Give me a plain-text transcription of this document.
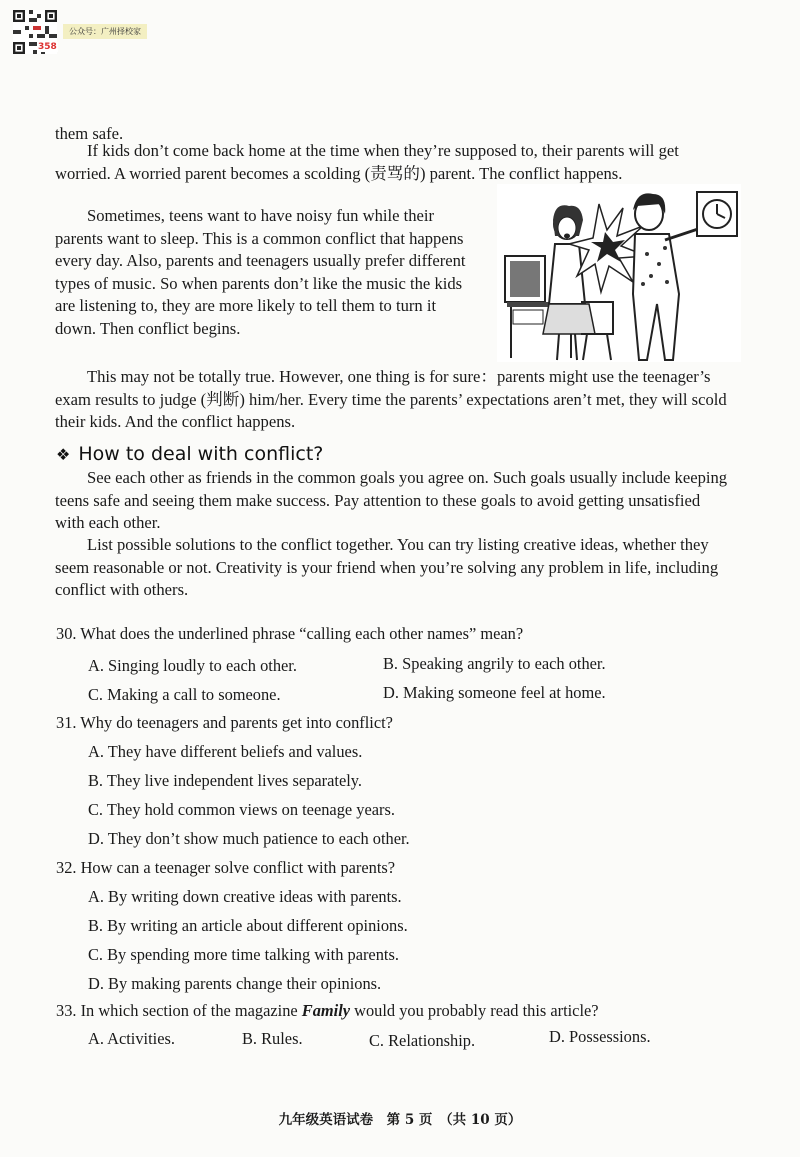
358
公众号：广州择校家

them safe.

If kids don’t come back home at the time when they’re supposed to, their parents will get worried. A worried parent becomes a scolding (责骂的) parent. The conflict happens.

Sometimes, teens want to have noisy fun while their parents want to sleep. This is a common conflict that happens every day. Also, parents and teenagers usually prefer different types of music. So when parents don’t like the music the kids are listening to, they are more likely to tell them to turn it down. Then conflict begins.

This may not be totally true. However, one thing is for sure：parents might use the teenager’s exam results to judge (判断) him/her. Every time the parents’ expectations aren’t met, they will scold their kids. And the conflict happens.

❖ How to deal with conflict?

See each other as friends in the common goals you agree on. Such goals usually include keeping teens safe and seeing them make success. Pay attention to these goals to avoid getting unsatisfied with each other.

List possible solutions to the conflict together. You can try listing creative ideas, whether they seem reasonable or not. Creativity is your friend when you’re solving any problem in life, including conflict with others.

30. What does the underlined phrase “calling each other names” mean?
A. Singing loudly to each other.	B. Speaking angrily to each other.
C. Making a call to someone.	D. Making someone feel at home.
31. Why do teenagers and parents get into conflict?
A. They have different beliefs and values.
B. They live independent lives separately.
C. They hold common views on teenage years.
D. They don’t show much patience to each other.
32. How can a teenager solve conflict with parents?
A. By writing down creative ideas with parents.
B. By writing an article about different opinions.
C. By spending more time talking with parents.
D. By making parents change their opinions.
33. In which section of the magazine Family would you probably read this article?
A. Activities.	B. Rules.	C. Relationship.	D. Possessions.
九年级英语试卷　第 5 页　（共 10 页）
